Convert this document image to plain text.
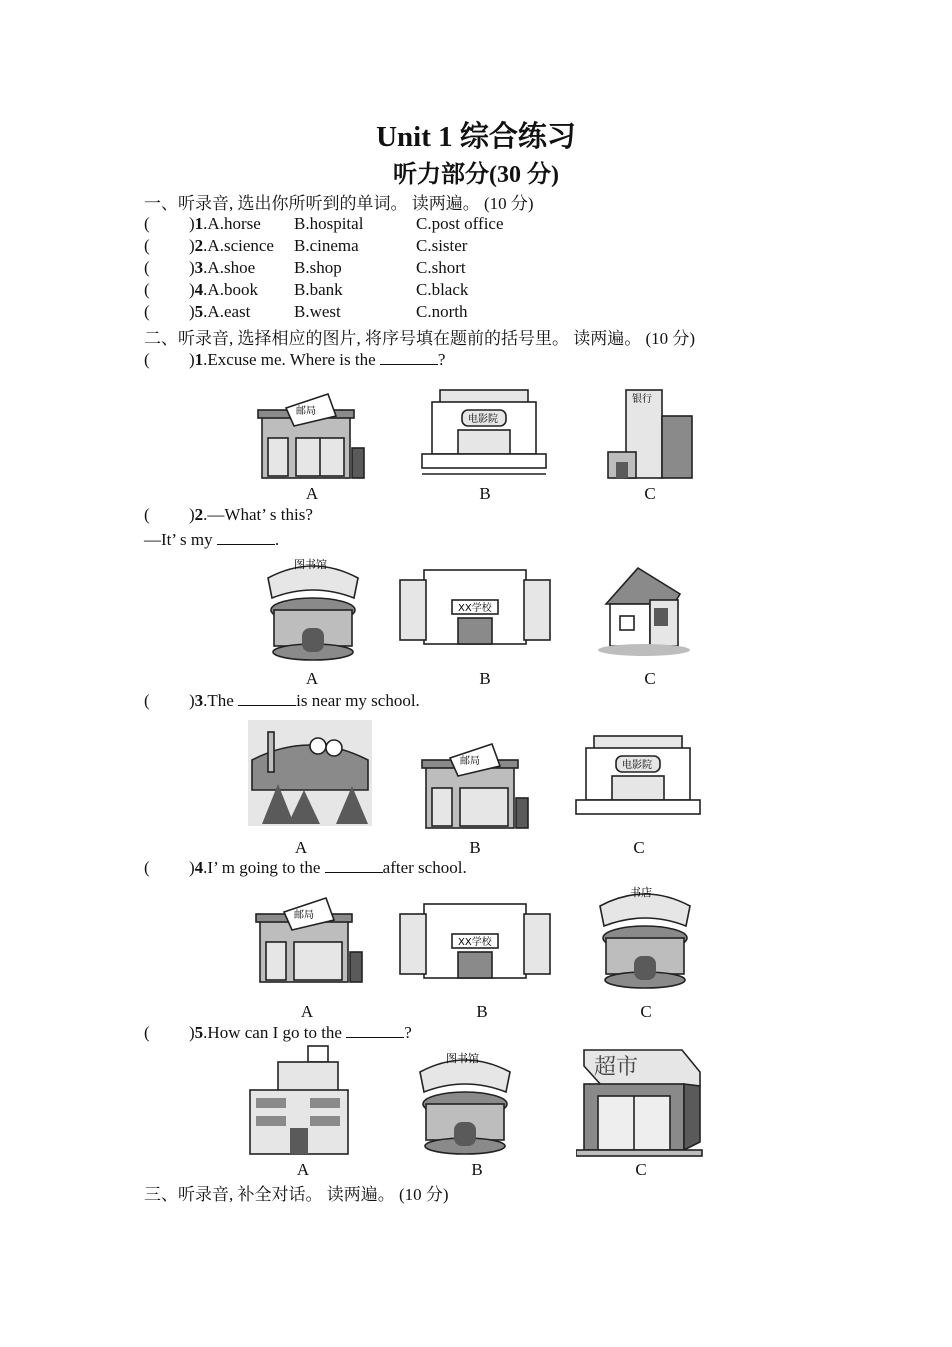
Unit 1 综合练习
听力部分(30 分)
一、听录音, 选出你所听到的单词。 读两遍。 (10 分)
( )1.A.horse B.hospital	C.post office
( )2.A.science B.cinema	C.sister
( )3.A.shoe B.shop	C.short
( )4.A.book B.bank	C.black
( )5.A.east	B.west	C.north
二、听录音, 选择相应的图片, 将序号填在题前的括号里。 读两遍。 (10 分)
( )1.Excuse me. Where is the	?
邮局
A
电影院
B
银行
C
( )2.—What’ s this?
—It’ s my	.
图书馆
A
XX学校
B	C
( )3.The	is near my school.
A
邮局
B
电影院
C
( )4.I’ m going to the	after school.
邮局
A
XX学校
B
书店
C
( )5.How can I go to the	?
A
图书馆
B
超市
C
三、听录音, 补全对话。 读两遍。 (10 分)
